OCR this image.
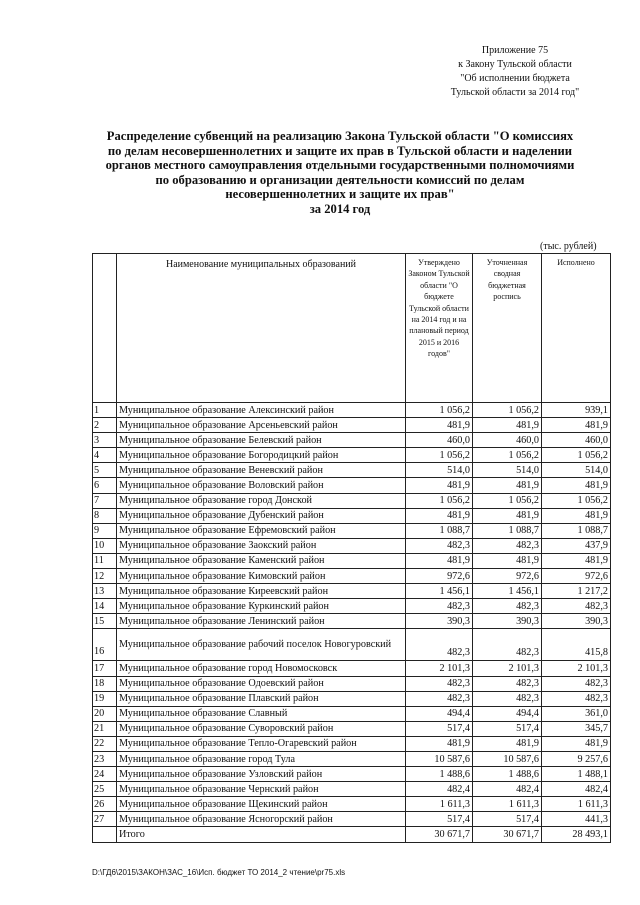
Приложение 75
к Закону Тульской области
"Об исполнении бюджета
Тульской области за 2014 год"
Распределение субвенций на реализацию Закона Тульской области "О комиссиях
по делам несовершеннолетних и защите их прав в Тульской области и наделении
органов местного самоуправления отдельными государственными полномочиями
по образованию и организации деятельности комиссий по делам
несовершеннолетних и защите их прав"
за 2014 год
(тыс. рублей)
	Наименование муниципальных образований	Утверждено Законом Тульской области "О бюджете Тульской области на 2014 год и на плановый период 2015 и 2016 годов"	Уточненная сводная бюджетная роспись	Исполнено
1	Муниципальное образование Алексинский район	1 056,2	1 056,2	939,1
2	Муниципальное образование Арсеньевский район	481,9	481,9	481,9
3	Муниципальное образование Белевский район	460,0	460,0	460,0
4	Муниципальное образование Богородицкий район	1 056,2	1 056,2	1 056,2
5	Муниципальное образование Веневский район	514,0	514,0	514,0
6	Муниципальное образование Воловский район	481,9	481,9	481,9
7	Муниципальное образование город Донской	1 056,2	1 056,2	1 056,2
8	Муниципальное образование Дубенский район	481,9	481,9	481,9
9	Муниципальное образование Ефремовский район	1 088,7	1 088,7	1 088,7
10	Муниципальное образование Заокский район	482,3	482,3	437,9
11	Муниципальное образование Каменский район	481,9	481,9	481,9
12	Муниципальное образование Кимовский район	972,6	972,6	972,6
13	Муниципальное образование Киреевский район	1 456,1	1 456,1	1 217,2
14	Муниципальное образование Куркинский район	482,3	482,3	482,3
15	Муниципальное образование Ленинский район	390,3	390,3	390,3
16	Муниципальное образование рабочий поселок Новогуровский	482,3	482,3	415,8
17	Муниципальное образование город Новомосковск	2 101,3	2 101,3	2 101,3
18	Муниципальное образование Одоевский район	482,3	482,3	482,3
19	Муниципальное образование Плавский район	482,3	482,3	482,3
20	Муниципальное образование Славный	494,4	494,4	361,0
21	Муниципальное образование Суворовский район	517,4	517,4	345,7
22	Муниципальное образование Тепло-Огаревский район	481,9	481,9	481,9
23	Муниципальное образование город Тула	10 587,6	10 587,6	9 257,6
24	Муниципальное образование Узловский район	1 488,6	1 488,6	1 488,1
25	Муниципальное образование Чернский район	482,4	482,4	482,4
26	Муниципальное образование Щекинский район	1 611,3	1 611,3	1 611,3
27	Муниципальное образование Ясногорский район	517,4	517,4	441,3
	Итого	30 671,7	30 671,7	28 493,1
D:\ГД6\2015\ЗАКОН\ЗАС_16\Исп. бюджет ТО 2014_2 чтение\pr75.xls
